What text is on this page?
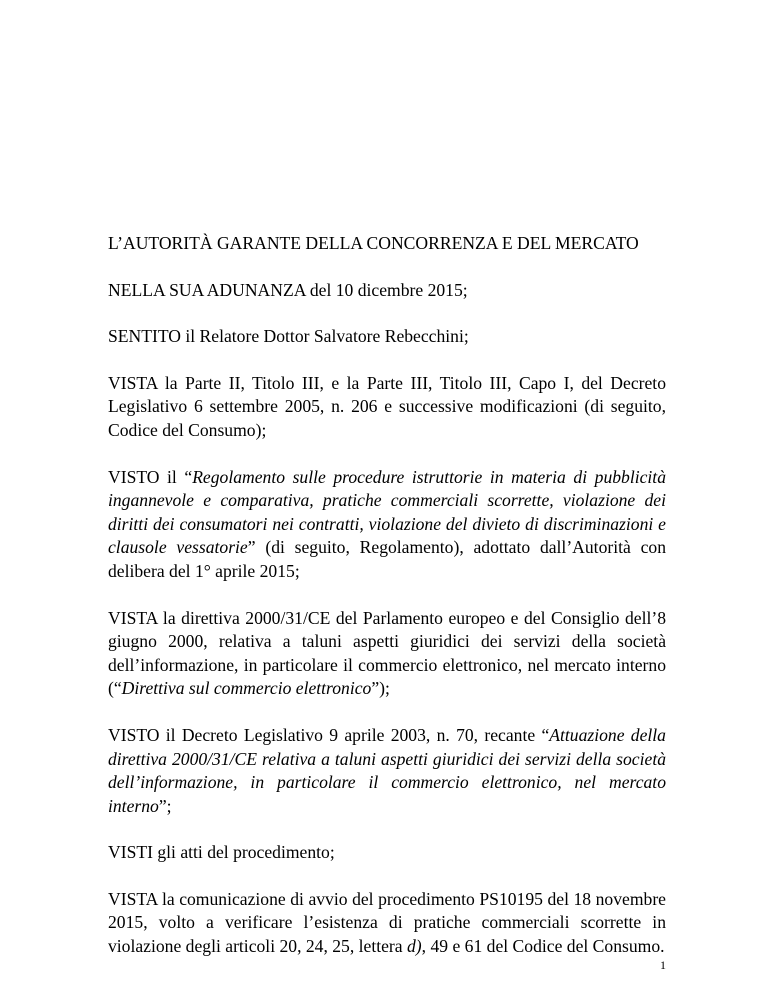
L’AUTORITÀ GARANTE DELLA CONCORRENZA E DEL MERCATO

NELLA SUA ADUNANZA del 10 dicembre 2015;

SENTITO il Relatore Dottor Salvatore Rebecchini;

VISTA la Parte II, Titolo III, e la Parte III, Titolo III, Capo I, del Decreto Legislativo 6 settembre 2005, n. 206 e successive modificazioni (di seguito, Codice del Consumo);

VISTO il “Regolamento sulle procedure istruttorie in materia di pubblicità ingannevole e comparativa, pratiche commerciali scorrette, violazione dei diritti dei consumatori nei contratti, violazione del divieto di discriminazioni e clausole vessatorie” (di seguito, Regolamento), adottato dall’Autorità con delibera del 1° aprile 2015;

VISTA la direttiva 2000/31/CE del Parlamento europeo e del Consiglio dell’8 giugno 2000, relativa a taluni aspetti giuridici dei servizi della società dell’informazione, in particolare il commercio elettronico, nel mercato interno (“Direttiva sul commercio elettronico”);

VISTO il Decreto Legislativo 9 aprile 2003, n. 70, recante “Attuazione della direttiva 2000/31/CE relativa a taluni aspetti giuridici dei servizi della società dell’informazione, in particolare il commercio elettronico, nel mercato interno”;

VISTI gli atti del procedimento;

VISTA la comunicazione di avvio del procedimento PS10195 del 18 novembre 2015, volto a verificare l’esistenza di pratiche commerciali scorrette in violazione degli articoli 20, 24, 25, lettera d), 49 e 61 del Codice del Consumo.

1
